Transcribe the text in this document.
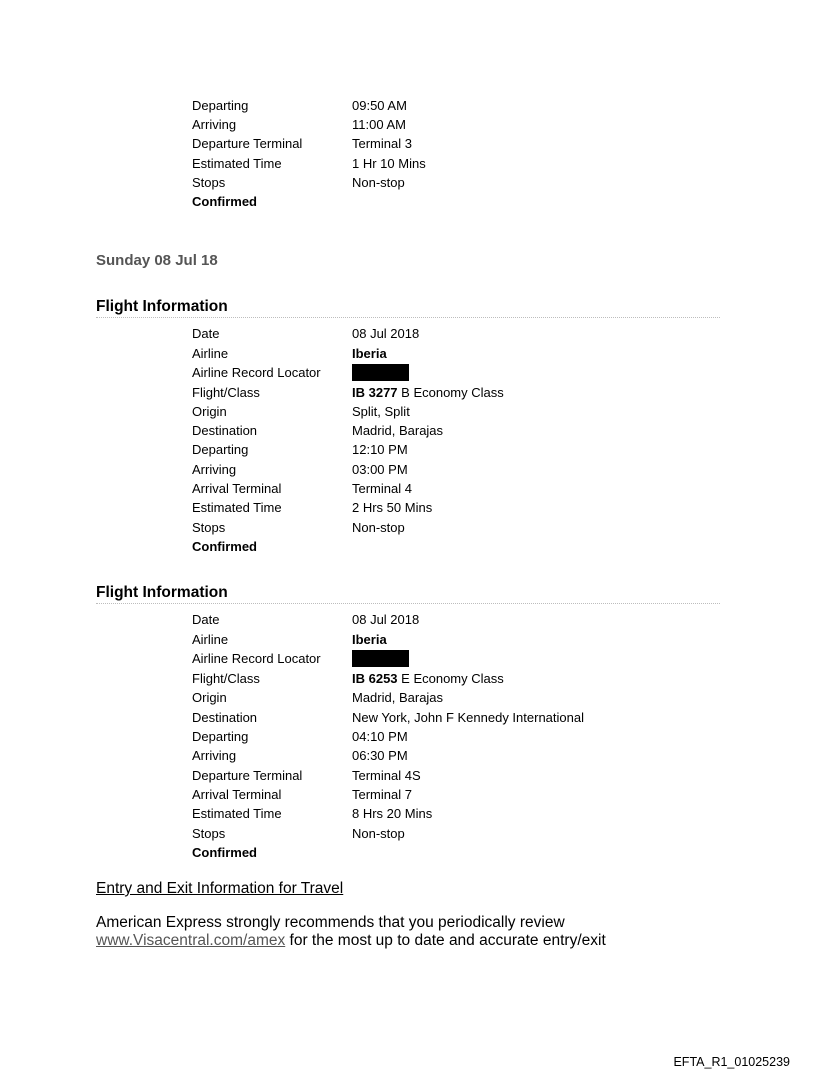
Departing	09:50 AM
Arriving	11:00 AM
Departure Terminal	Terminal 3
Estimated Time	1 Hr 10 Mins
Stops	Non-stop
Confirmed
Sunday 08 Jul 18
Flight Information
Date	08 Jul 2018
Airline	Iberia
Airline Record Locator
Flight/Class	IB 3277 B Economy Class
Origin	Split, Split
Destination	Madrid, Barajas
Departing	12:10 PM
Arriving	03:00 PM
Arrival Terminal	Terminal 4
Estimated Time	2 Hrs 50 Mins
Stops	Non-stop
Confirmed
Flight Information
Date	08 Jul 2018
Airline	Iberia
Airline Record Locator
Flight/Class	IB 6253 E Economy Class
Origin	Madrid, Barajas
Destination	New York, John F Kennedy International
Departing	04:10 PM
Arriving	06:30 PM
Departure Terminal	Terminal 4S
Arrival Terminal	Terminal 7
Estimated Time	8 Hrs 20 Mins
Stops	Non-stop
Confirmed
Entry and Exit Information for Travel
American Express strongly recommends that you periodically review
www.Visacentral.com/amex for the most up to date and accurate entry/exit
EFTA_R1_01025239
